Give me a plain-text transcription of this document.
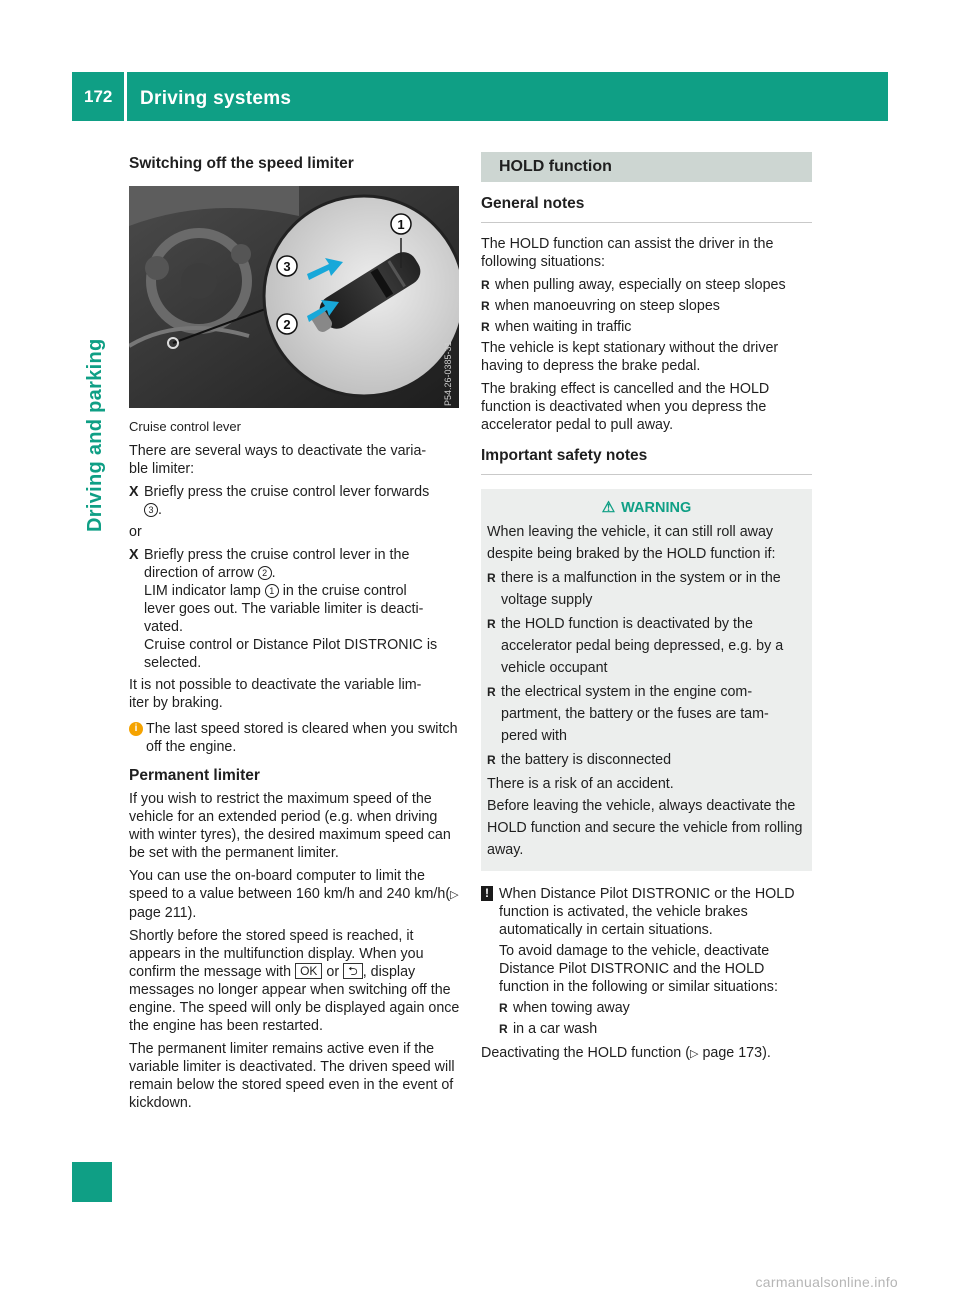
172	Driving systems
Driving and parking
Switching off the speed limiter
1
3
2
P54.26-0385-31
Cruise control lever
There are several ways to deactivate the varia-
ble limiter:
X Briefly press the cruise control lever forwards
3 .
or
X Briefly press the cruise control lever in the
direction of arrow 2 .
LIM indicator lamp 1 in the cruise control
lever goes out. The variable limiter is deacti-
vated.
Cruise control or Distance Pilot DISTRONIC is selected.
It is not possible to deactivate the variable lim-
iter by braking.
i The last speed stored is cleared when you switch off the engine.
Permanent limiter
If you wish to restrict the maximum speed of the vehicle for an extended period (e.g. when driving with winter tyres), the desired maximum speed can be set with the permanent limiter.
You can use the on-board computer to limit the speed to a value between 160 km/h and 240 km/h(▷ page 211).
Shortly before the stored speed is reached, it appears in the multifunction display. When you confirm the message with OK or ⮌ , display messages no longer appear when switching off the engine. The speed will only be displayed again once the engine has been restarted.
The permanent limiter remains active even if the variable limiter is deactivated. The driven speed will remain below the stored speed even in the event of kickdown.
HOLD function
General notes
The HOLD function can assist the driver in the following situations:
R when pulling away, especially on steep slopes
R when manoeuvring on steep slopes
R when waiting in traffic
The vehicle is kept stationary without the driver having to depress the brake pedal.
The braking effect is cancelled and the HOLD function is deactivated when you depress the accelerator pedal to pull away.
Important safety notes
⚠ WARNING
When leaving the vehicle, it can still roll away despite being braked by the HOLD function if:
R there is a malfunction in the system or in the voltage supply
R the HOLD function is deactivated by the accelerator pedal being depressed, e.g. by a vehicle occupant
R the electrical system in the engine com-
partment, the battery or the fuses are tam-
pered with
R the battery is disconnected
There is a risk of an accident.
Before leaving the vehicle, always deactivate the HOLD function and secure the vehicle from rolling away.
! When Distance Pilot DISTRONIC or the HOLD function is activated, the vehicle brakes automatically in certain situations.

To avoid damage to the vehicle, deactivate Distance Pilot DISTRONIC and the HOLD function in the following or similar situations:

R when towing away
R in a car wash
Deactivating the HOLD function (▷ page 173).
carmanualsonline.info
